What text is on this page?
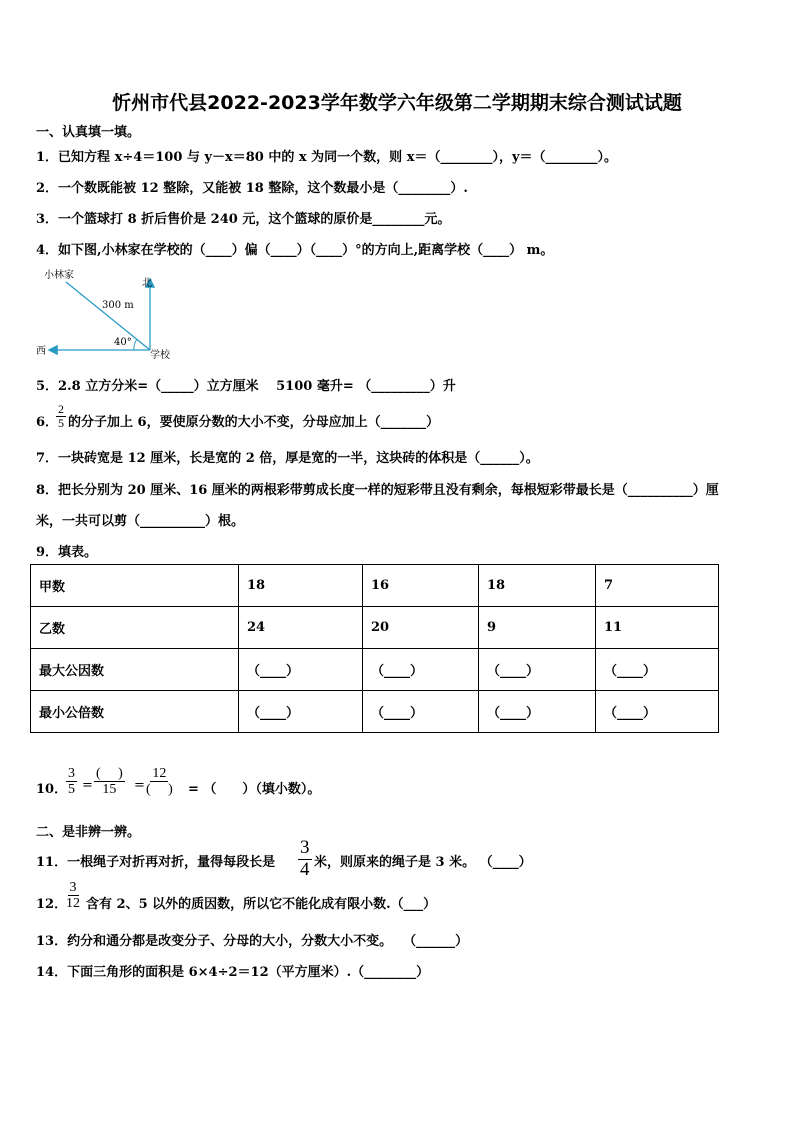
忻州市代县2022-2023学年数学六年级第二学期期末综合测试试题
一、认真填一填。
1．已知方程 x÷4＝100 与 y－x＝80 中的 x 为同一个数，则 x＝（________），y＝（________）。
2．一个数既能被 12 整除，又能被 18 整除，这个数最小是（________）.
3．一个篮球打 8 折后售价是 240 元，这个篮球的原价是________元。
4．如下图,小林家在学校的（____）偏（____）（____）°的方向上,距离学校（____） m。
小林家
北
300 m
40°
西	学校
5．2.8 立方分米=（_____）立方厘米　 5100 毫升= （_________）升
6．
$\frac{2}{5}$ 的分子加上 6，要使原分数的大小不变，分母应加上（_______）
7．一块砖宽是 12 厘米，长是宽的 2 倍，厚是宽的一半，这块砖的体积是（______）。
8．把长分别为 20 厘米、16 厘米的两根彩带剪成长度一样的短彩带且没有剩余，每根短彩带最长是（__________）厘
米，一共可以剪（__________）根。
9．填表。
甲数	18	16	18	7
乙数	24	20	9	11
最大公因数	（____）	（____）	（____）	（____）
最小公倍数	（____）	（____）	（____）	（____）
10．
$\frac{3}{5}$ =
(　 )
15 =
12
(　 ) = （　　）（填小数）。
二、是非辨一辨。
11．一根绳子对折再对折，量得每段长是 $\frac{3}{4}$ 米，则原来的绳子是 3 米。 （____）
12．
$\frac{3}{12}$ 含有 2、5 以外的质因数，所以它不能化成有限小数.（___）
13．约分和通分都是改变分子、分母的大小，分数大小不变。　 （______）
14．下面三角形的面积是 6×4÷2＝12（平方厘米）.（________）
